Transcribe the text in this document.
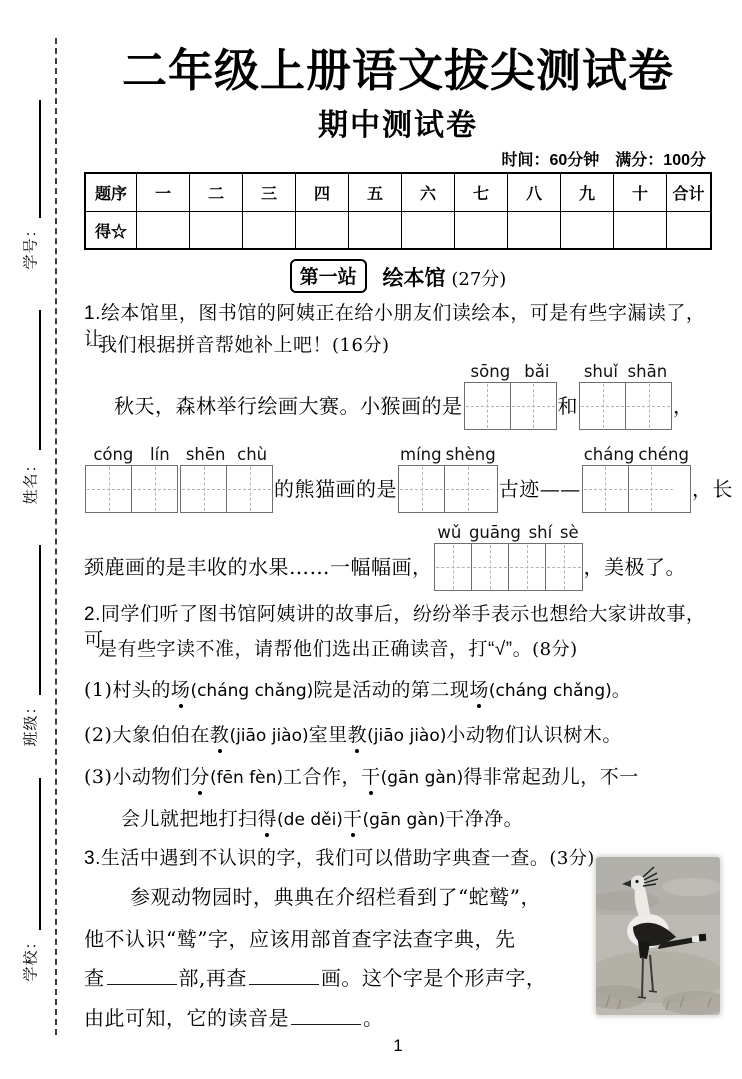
学号：
姓名：
班级：
学校：
二年级上册语文拔尖测试卷
期中测试卷
时间：60分钟　满分：100分
题序	一	二	三	四	五	六	七	八	九	十	合计
得☆
第一站 绘本馆 (27分)
1.绘本馆里，图书馆的阿姨正在给小朋友们读绘本，可是有些字漏读了，让
我们根据拼音帮她补上吧！(16分)
秋天，森林举行绘画大赛。小猴画的是
sōng bǎi
和
shuǐ shān
，
cóng lín shēn chù
的熊猫画的是
míng shèng
古迹——
cháng chéng
，长
颈鹿画的是丰收的水果……一幅幅画，
wǔ guāng shí sè
，美极了。
2.同学们听了图书馆阿姨讲的故事后，纷纷举手表示也想给大家讲故事，可
是有些字读不准，请帮他们选出正确读音，打“√”。(8分)
(1)村头的场(cháng chǎng)院是活动的第二现场(cháng chǎng)。
(2)大象伯伯在教(jiāo jiào)室里教(jiāo jiào)小动物们认识树木。
(3)小动物们分(fēn fèn)工合作，干(gān gàn)得非常起劲儿，不一
会儿就把地打扫得(de děi)干(gān gàn)干净净。
3.生活中遇到不认识的字，我们可以借助字典查一查。(3分)
参观动物园时，典典在介绍栏看到了“蛇鹫”，
他不认识“鹫”字，应该用部首查字法查字典，先
查	部,再查	画。这个字是个形声字，
由此可知，它的读音是	。
1
